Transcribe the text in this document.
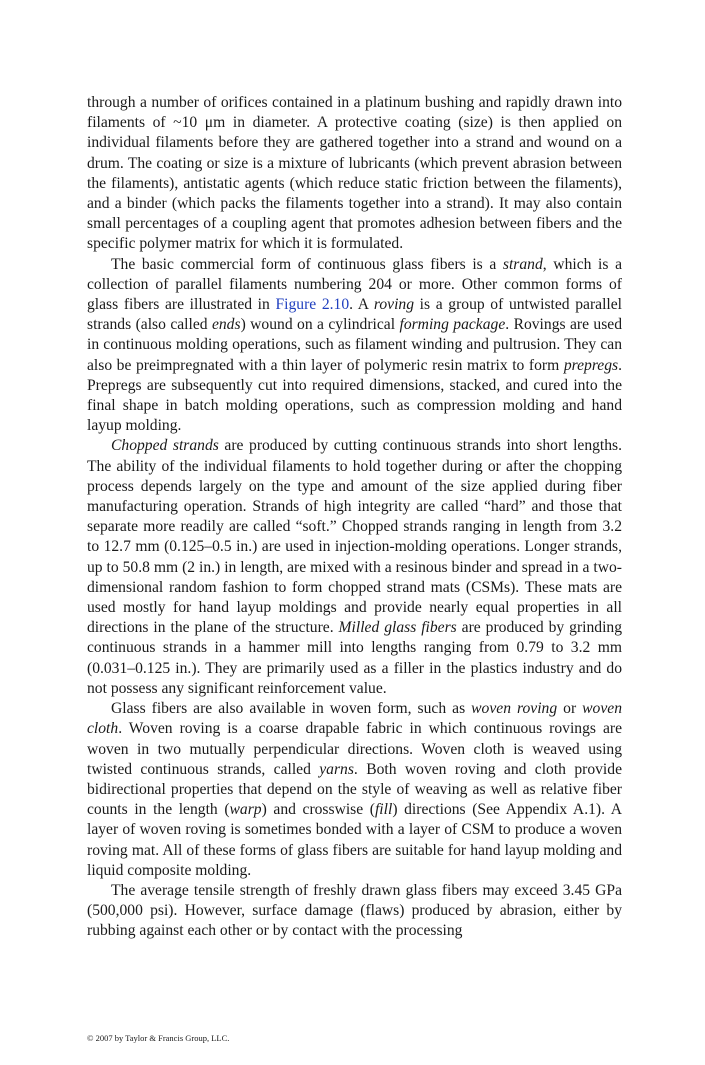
through a number of orifices contained in a platinum bushing and rapidly drawn into filaments of ~10 μm in diameter. A protective coating (size) is then applied on individual filaments before they are gathered together into a strand and wound on a drum. The coating or size is a mixture of lubricants (which prevent abrasion between the filaments), antistatic agents (which reduce static friction between the filaments), and a binder (which packs the filaments together into a strand). It may also contain small percentages of a coupling agent that promotes adhesion between fibers and the specific polymer matrix for which it is formulated.

The basic commercial form of continuous glass fibers is a strand, which is a collection of parallel filaments numbering 204 or more. Other common forms of glass fibers are illustrated in Figure 2.10. A roving is a group of untwisted parallel strands (also called ends) wound on a cylindrical forming package. Rovings are used in continuous molding operations, such as filament winding and pultrusion. They can also be preimpregnated with a thin layer of polymeric resin matrix to form prepregs. Prepregs are subsequently cut into required dimensions, stacked, and cured into the final shape in batch molding operations, such as compression molding and hand layup molding.

Chopped strands are produced by cutting continuous strands into short lengths. The ability of the individual filaments to hold together during or after the chopping process depends largely on the type and amount of the size applied during fiber manufacturing operation. Strands of high integrity are called “hard” and those that separate more readily are called “soft.” Chopped strands ranging in length from 3.2 to 12.7 mm (0.125–0.5 in.) are used in injection-molding operations. Longer strands, up to 50.8 mm (2 in.) in length, are mixed with a resinous binder and spread in a two-dimensional random fashion to form chopped strand mats (CSMs). These mats are used mostly for hand layup moldings and provide nearly equal properties in all directions in the plane of the structure. Milled glass fibers are produced by grinding continuous strands in a hammer mill into lengths ranging from 0.79 to 3.2 mm (0.031–0.125 in.). They are primarily used as a filler in the plastics industry and do not possess any significant reinforcement value.

Glass fibers are also available in woven form, such as woven roving or woven cloth. Woven roving is a coarse drapable fabric in which continuous rovings are woven in two mutually perpendicular directions. Woven cloth is weaved using twisted continuous strands, called yarns. Both woven roving and cloth provide bidirectional properties that depend on the style of weaving as well as relative fiber counts in the length (warp) and crosswise (fill) directions (See Appendix A.1). A layer of woven roving is sometimes bonded with a layer of CSM to produce a woven roving mat. All of these forms of glass fibers are suitable for hand layup molding and liquid composite molding.

The average tensile strength of freshly drawn glass fibers may exceed 3.45 GPa (500,000 psi). However, surface damage (flaws) produced by abrasion, either by rubbing against each other or by contact with the processing

© 2007 by Taylor & Francis Group, LLC.
